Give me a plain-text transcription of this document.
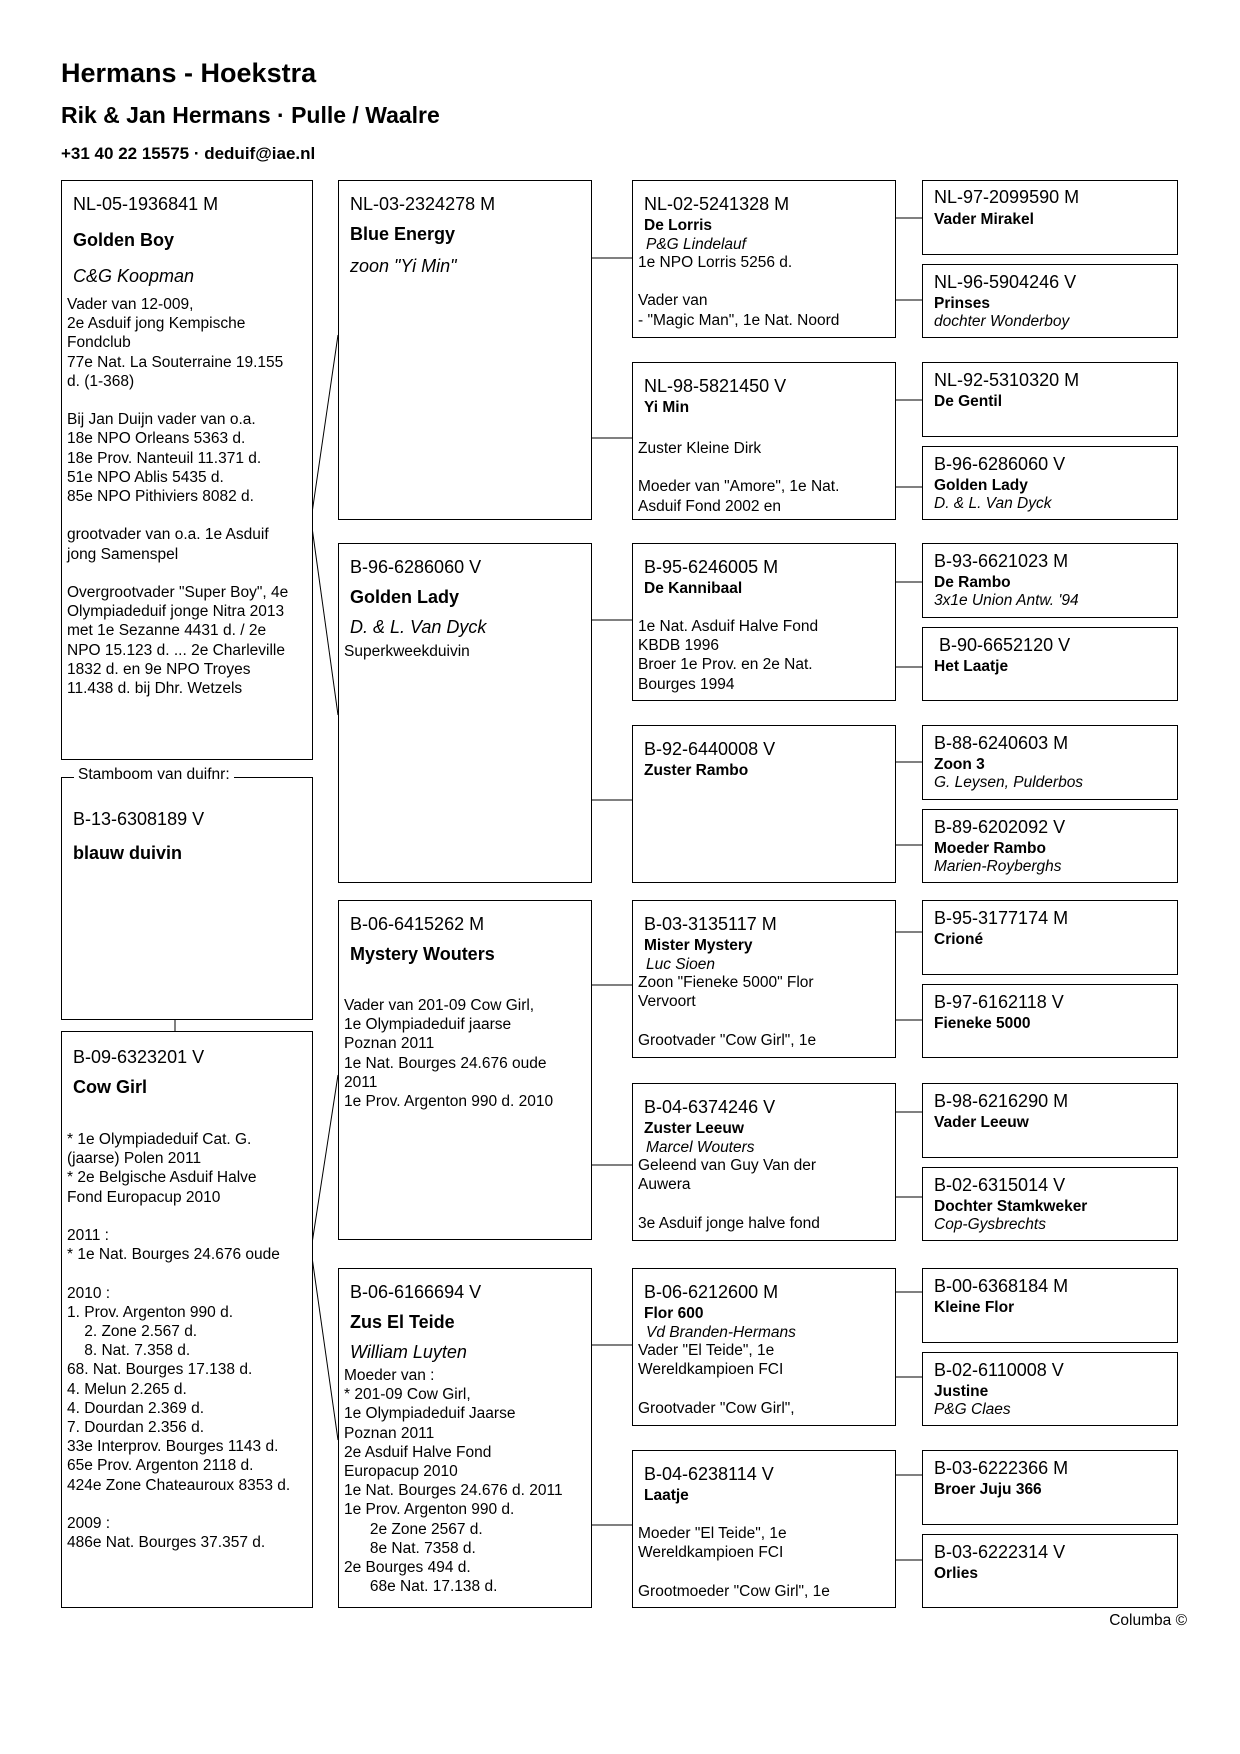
Hermans - Hoekstra
Rik & Jan Hermans · Pulle / Waalre
+31 40 22 15575 · deduif@iae.nl
NL-05-1936841 M
Golden Boy
C&G Koopman
Vader van 12-009,
2e Asduif jong Kempische
Fondclub
77e Nat. La Souterraine 19.155
d. (1-368)
Bij Jan Duijn vader van o.a.
18e NPO Orleans 5363 d.
18e Prov. Nanteuil 11.371 d.
51e NPO Ablis 5435 d.
85e NPO Pithiviers 8082 d.
grootvader van o.a. 1e Asduif
jong Samenspel
Overgrootvader "Super Boy", 4e
Olympiadeduif jonge Nitra 2013
met 1e Sezanne 4431 d. / 2e
NPO 15.123 d. ... 2e Charleville
1832 d. en 9e NPO Troyes
11.438 d. bij Dhr. Wetzels
B-13-6308189 V
blauw duivin
Stamboom van duifnr:
B-09-6323201 V
Cow Girl
* 1e Olympiadeduif Cat. G.
(jaarse) Polen 2011
* 2e Belgische Asduif Halve
Fond Europacup 2010
2011 :
* 1e Nat. Bourges 24.676 oude
2010 :
1. Prov. Argenton 990 d.
2. Zone 2.567 d.
8. Nat. 7.358 d.
68. Nat. Bourges 17.138 d.
4. Melun 2.265 d.
4. Dourdan 2.369 d.
7. Dourdan 2.356 d.
33e Interprov. Bourges 1143 d.
65e Prov. Argenton 2118 d.
424e Zone Chateauroux 8353 d.
2009 :
486e Nat. Bourges 37.357 d.
NL-03-2324278 M
Blue Energy
zoon "Yi Min"
B-96-6286060 V
Golden Lady
D. & L. Van Dyck
Superkweekduivin
B-06-6415262 M
Mystery Wouters
Vader van 201-09 Cow Girl,
1e Olympiadeduif jaarse
Poznan 2011
1e Nat. Bourges 24.676 oude
2011
1e Prov. Argenton 990 d. 2010
B-06-6166694 V
Zus El Teide
William Luyten
Moeder van :
* 201-09 Cow Girl,
1e Olympiadeduif Jaarse
Poznan 2011
2e Asduif Halve Fond
Europacup 2010
1e Nat. Bourges 24.676 d. 2011
1e Prov. Argenton 990 d.
2e Zone 2567 d.
8e Nat. 7358 d.
2e Bourges 494 d.
68e Nat. 17.138 d.
NL-02-5241328 M
De Lorris
P&G Lindelauf
1e NPO Lorris 5256 d.
Vader van
- "Magic Man", 1e Nat. Noord
NL-98-5821450 V
Yi Min
Zuster Kleine Dirk
Moeder van "Amore", 1e Nat.
Asduif Fond 2002 en
B-95-6246005 M
De Kannibaal
1e Nat. Asduif Halve Fond
KBDB 1996
Broer 1e Prov. en 2e Nat.
Bourges 1994
B-92-6440008 V
Zuster Rambo
B-03-3135117 M
Mister Mystery
Luc Sioen
Zoon "Fieneke 5000" Flor
Vervoort
Grootvader "Cow Girl", 1e
B-04-6374246 V
Zuster Leeuw
Marcel Wouters
Geleend van Guy Van der
Auwera
3e Asduif jonge halve fond
B-06-6212600 M
Flor 600
Vd Branden-Hermans
Vader "El Teide", 1e
Wereldkampioen FCI
Grootvader "Cow Girl",
B-04-6238114 V
Laatje
Moeder "El Teide", 1e
Wereldkampioen FCI
Grootmoeder "Cow Girl", 1e
NL-97-2099590 M
Vader Mirakel
NL-96-5904246 V
Prinses
dochter Wonderboy
NL-92-5310320 M
De Gentil
B-96-6286060 V
Golden Lady
D. & L. Van Dyck
B-93-6621023 M
De Rambo
3x1e Union Antw. '94
B-90-6652120 V
Het Laatje
B-88-6240603 M
Zoon 3
G. Leysen, Pulderbos
B-89-6202092 V
Moeder Rambo
Marien-Royberghs
B-95-3177174 M
Crioné
B-97-6162118 V
Fieneke 5000
B-98-6216290 M
Vader Leeuw
B-02-6315014 V
Dochter Stamkweker
Cop-Gysbrechts
B-00-6368184 M
Kleine Flor
B-02-6110008 V
Justine
P&G Claes
B-03-6222366 M
Broer Juju 366
B-03-6222314 V
Orlies
Columba ©
